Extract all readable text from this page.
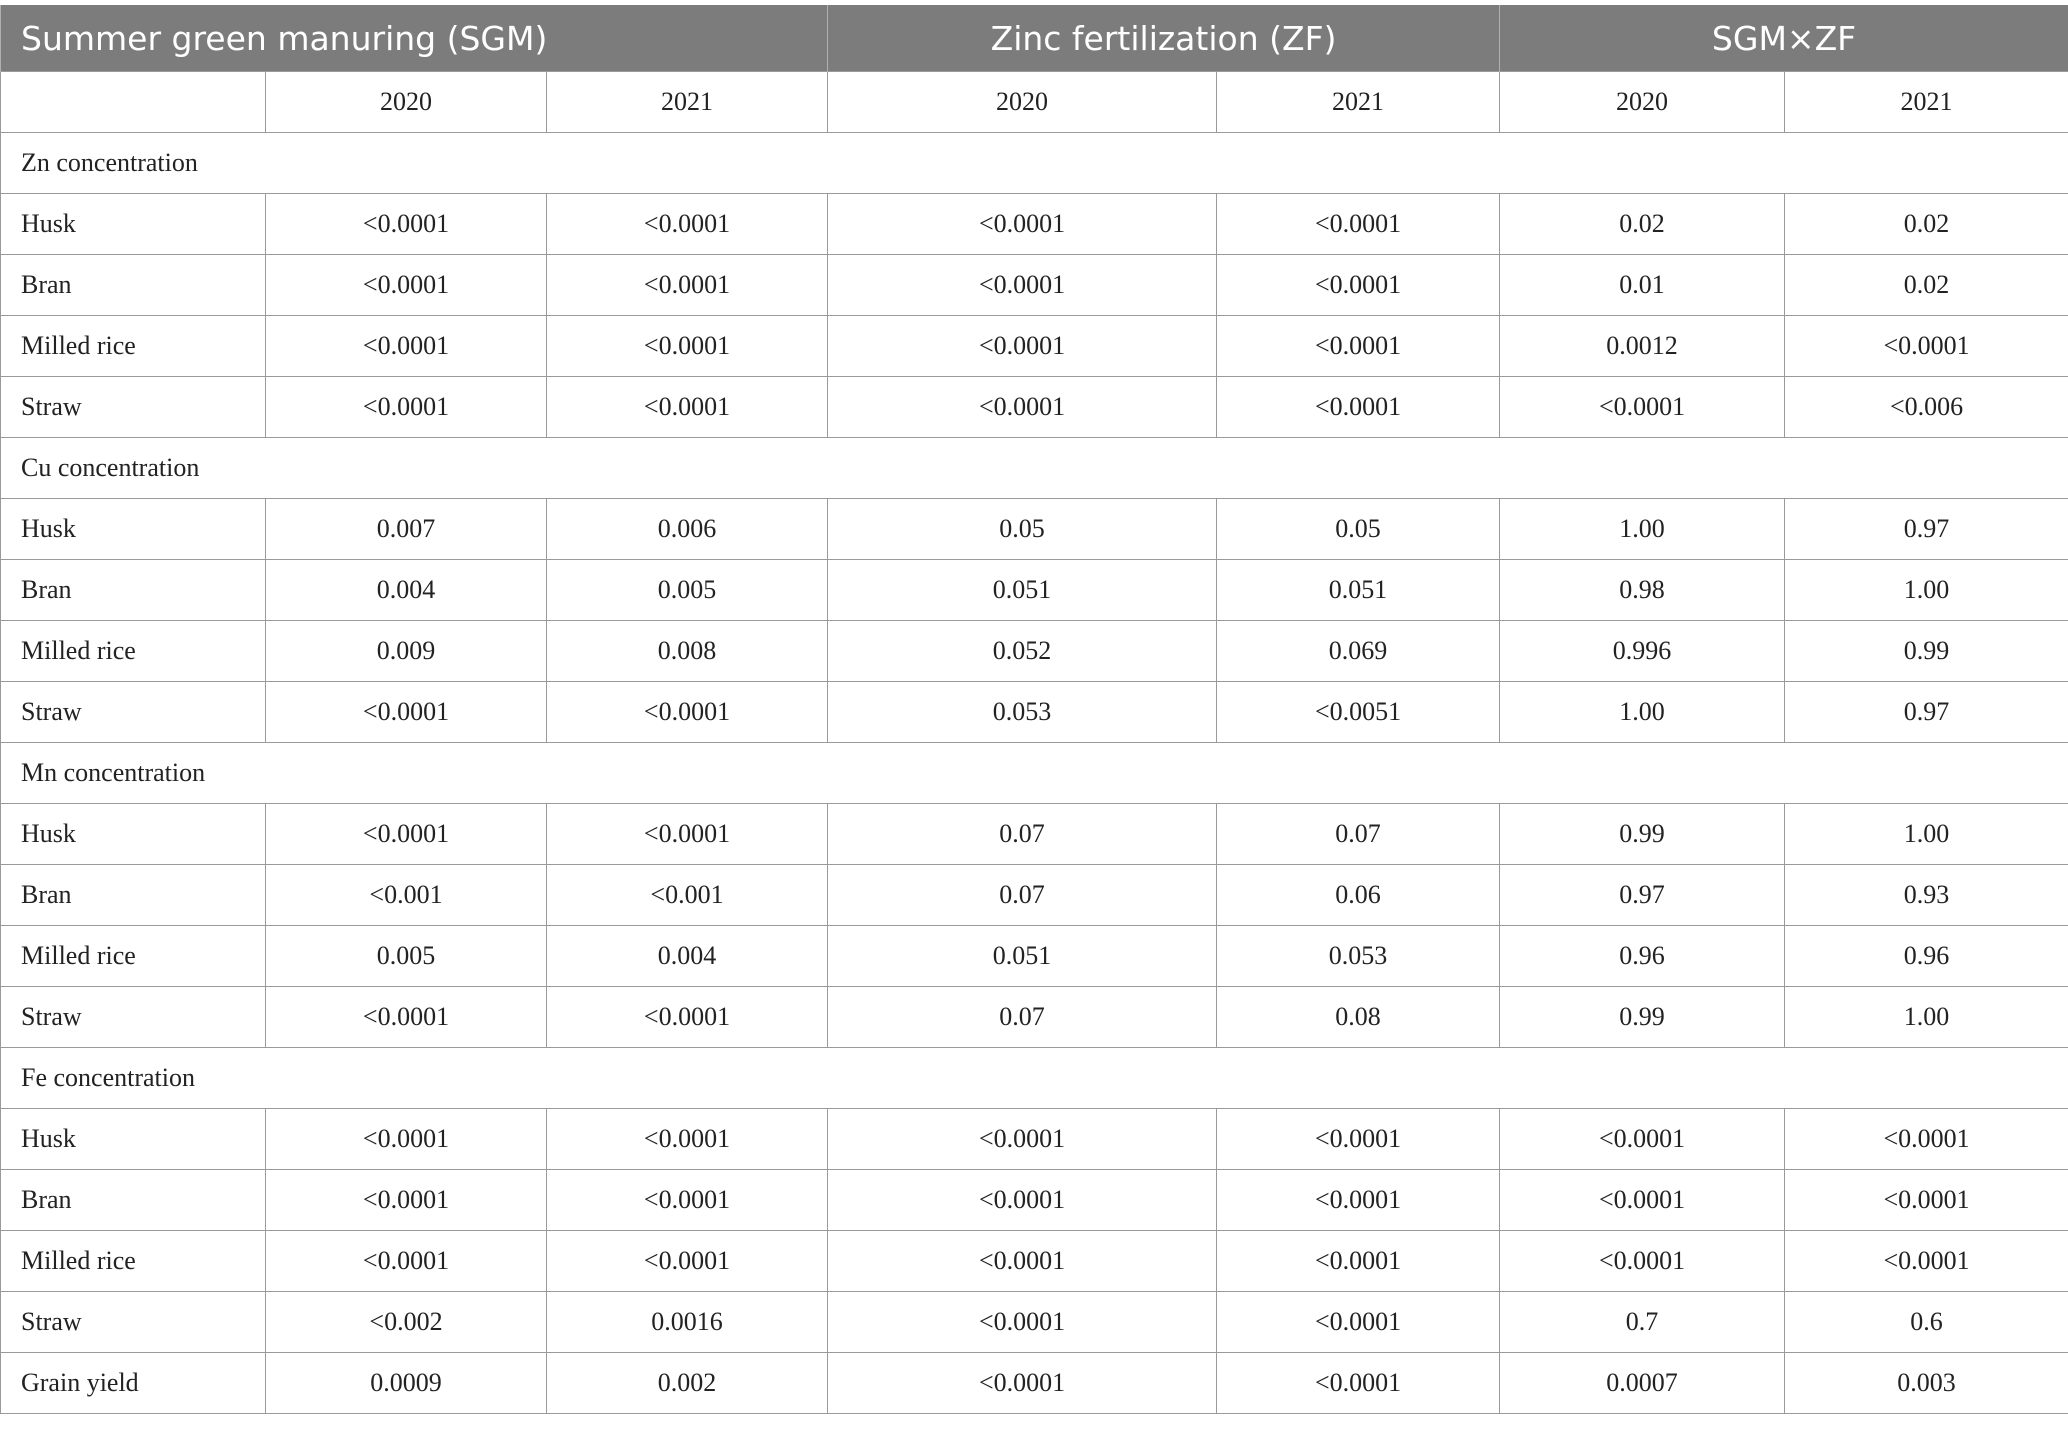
Summer green manuring (SGM)			Zinc fertilization (ZF)		SGM×ZF	
	2020	2021	2020	2021	2020	2021
Zn concentration						
Husk	<0.0001	<0.0001	<0.0001	<0.0001	0.02	0.02
Bran	<0.0001	<0.0001	<0.0001	<0.0001	0.01	0.02
Milled rice	<0.0001	<0.0001	<0.0001	<0.0001	0.0012	<0.0001
Straw	<0.0001	<0.0001	<0.0001	<0.0001	<0.0001	<0.006
Cu concentration						
Husk	0.007	0.006	0.05	0.05	1.00	0.97
Bran	0.004	0.005	0.051	0.051	0.98	1.00
Milled rice	0.009	0.008	0.052	0.069	0.996	0.99
Straw	<0.0001	<0.0001	0.053	<0.0051	1.00	0.97
Mn concentration						
Husk	<0.0001	<0.0001	0.07	0.07	0.99	1.00
Bran	<0.001	<0.001	0.07	0.06	0.97	0.93
Milled rice	0.005	0.004	0.051	0.053	0.96	0.96
Straw	<0.0001	<0.0001	0.07	0.08	0.99	1.00
Fe concentration						
Husk	<0.0001	<0.0001	<0.0001	<0.0001	<0.0001	<0.0001
Bran	<0.0001	<0.0001	<0.0001	<0.0001	<0.0001	<0.0001
Milled rice	<0.0001	<0.0001	<0.0001	<0.0001	<0.0001	<0.0001
Straw	<0.002	0.0016	<0.0001	<0.0001	0.7	0.6
Grain yield	0.0009	0.002	<0.0001	<0.0001	0.0007	0.003
